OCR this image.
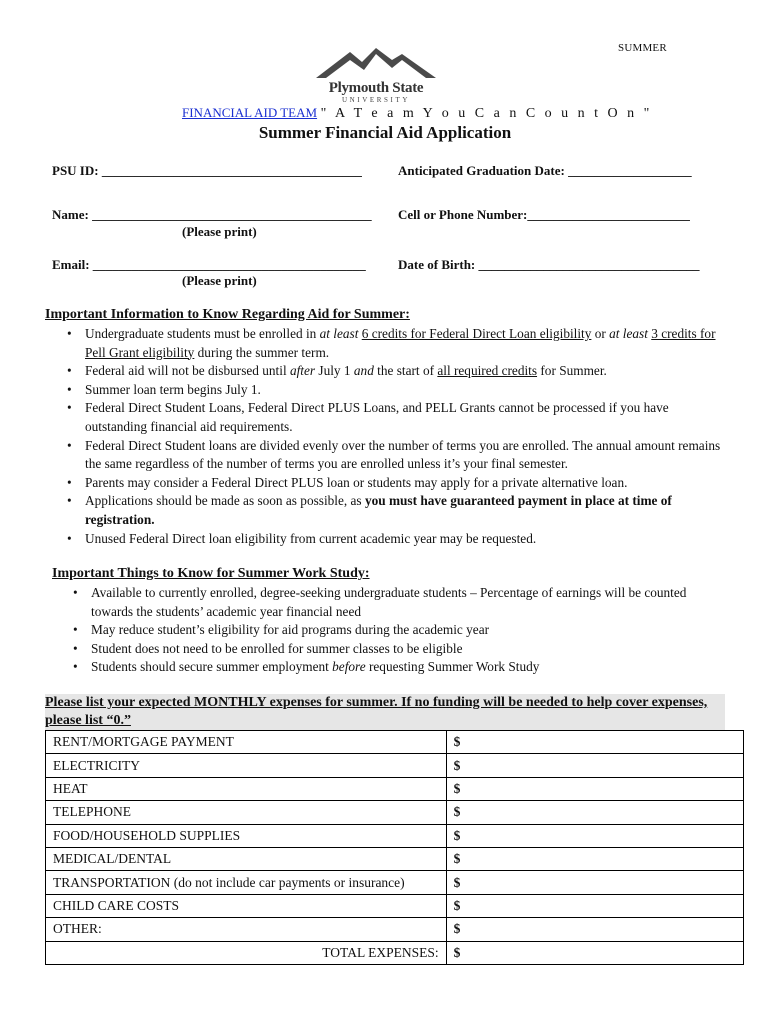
SUMMER
Plymouth State
UNIVERSITY
FINANCIAL AID TEAM " A T e a m Y o u C a n C o u n t O n "
Summer Financial Aid Application
PSU ID: ________________________________________	Anticipated Graduation Date: ___________________
Name: ___________________________________________
(Please print)
Cell or Phone Number:_________________________
Email: __________________________________________
(Please print)
Date of Birth: __________________________________
Important Information to Know Regarding Aid for Summer:
• Undergraduate students must be enrolled in at least 6 credits for Federal Direct Loan eligibility or at least 3 credits for Pell Grant eligibility during the summer term.
• Federal aid will not be disbursed until after July 1 and the start of all required credits for Summer.
• Summer loan term begins July 1.
• Federal Direct Student Loans, Federal Direct PLUS Loans, and PELL Grants cannot be processed if you have outstanding financial aid requirements.
• Federal Direct Student loans are divided evenly over the number of terms you are enrolled. The annual amount remains the same regardless of the number of terms you are enrolled unless it’s your final semester.
• Parents may consider a Federal Direct PLUS loan or students may apply for a private alternative loan.
• Applications should be made as soon as possible, as you must have guaranteed payment in place at time of registration.
• Unused Federal Direct loan eligibility from current academic year may be requested.
Important Things to Know for Summer Work Study:
• Available to currently enrolled, degree-seeking undergraduate students – Percentage of earnings will be counted towards the students’ academic year financial need
• May reduce student’s eligibility for aid programs during the academic year
• Student does not need to be enrolled for summer classes to be eligible
• Students should secure summer employment before requesting Summer Work Study
Please list your expected MONTHLY expenses for summer. If no funding will be needed to help cover expenses, please list “0.”
RENT/MORTGAGE PAYMENT	$
ELECTRICITY	$
HEAT	$
TELEPHONE	$
FOOD/HOUSEHOLD SUPPLIES	$
MEDICAL/DENTAL	$
TRANSPORTATION (do not include car payments or insurance)	$
CHILD CARE COSTS	$
OTHER:	$
TOTAL EXPENSES:	$
